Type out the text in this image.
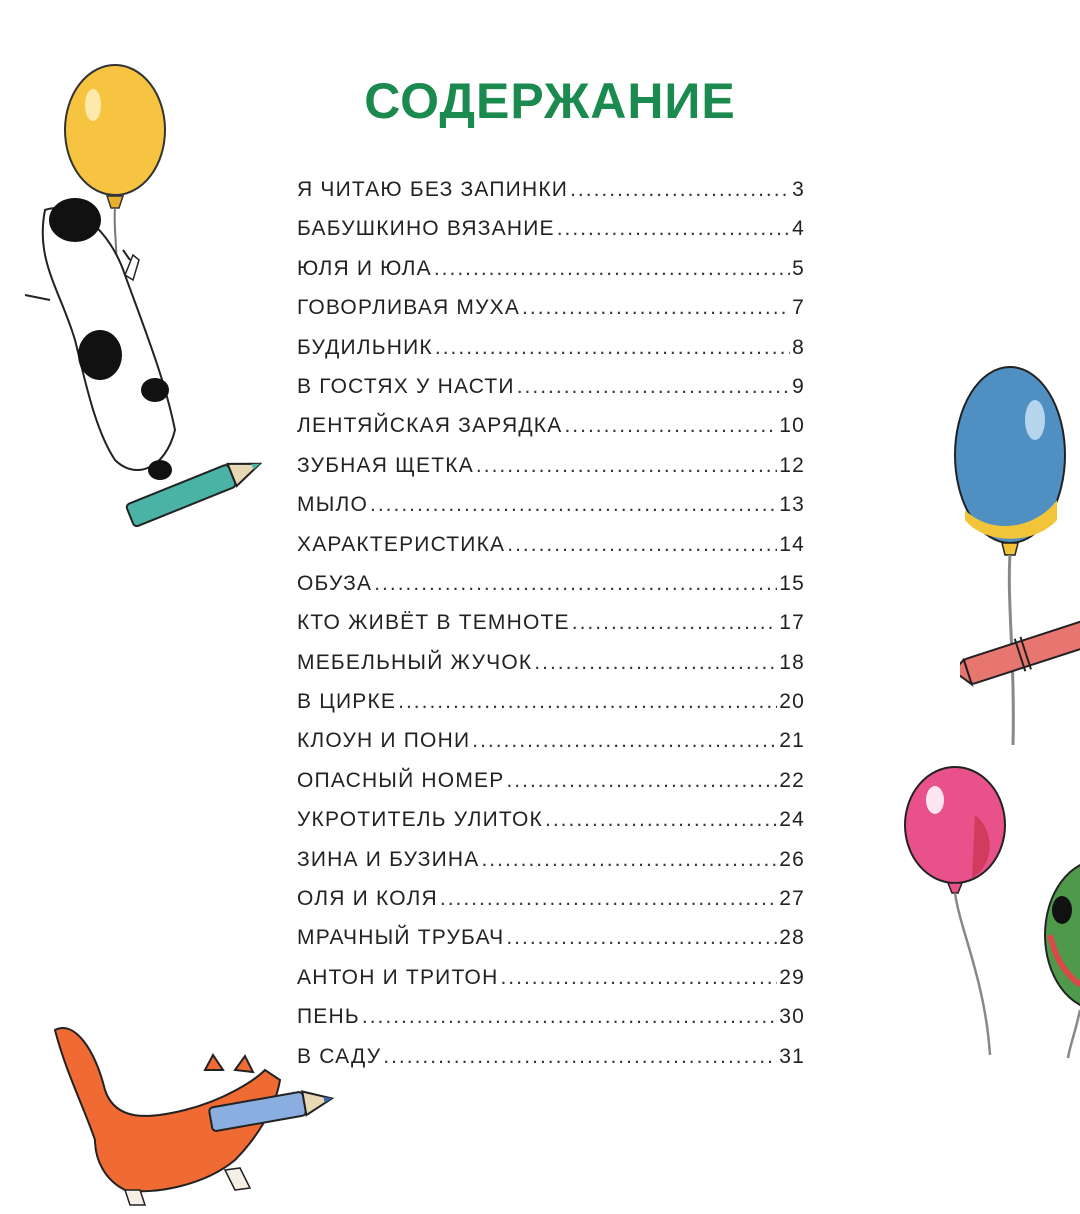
СОДЕРЖАНИЕ
Я ЧИТАЮ БЕЗ ЗАПИНКИ .....	3
БАБУШКИНО ВЯЗАНИЕ .....	4
ЮЛЯ И ЮЛА .....	5
ГОВОРЛИВАЯ МУХА .....	7
БУДИЛЬНИК .....	8
В ГОСТЯХ У НАСТИ .....	9
ЛЕНТЯЙСКАЯ ЗАРЯДКА .....	10
ЗУБНАЯ ЩЕТКА .....	12
МЫЛО .....	13
ХАРАКТЕРИСТИКА .....	14
ОБУЗА .....	15
КТО ЖИВЁТ В ТЕМНОТЕ .....	17
МЕБЕЛЬНЫЙ ЖУЧОК .....	18
В ЦИРКЕ .....	20
КЛОУН И ПОНИ .....	21
ОПАСНЫЙ НОМЕР .....	22
УКРОТИТЕЛЬ УЛИТОК .....	24
ЗИНА И БУЗИНА .....	26
ОЛЯ И КОЛЯ .....	27
МРАЧНЫЙ ТРУБАЧ .....	28
АНТОН И ТРИТОН .....	29
ПЕНЬ .....	30
В САДУ .....	31
